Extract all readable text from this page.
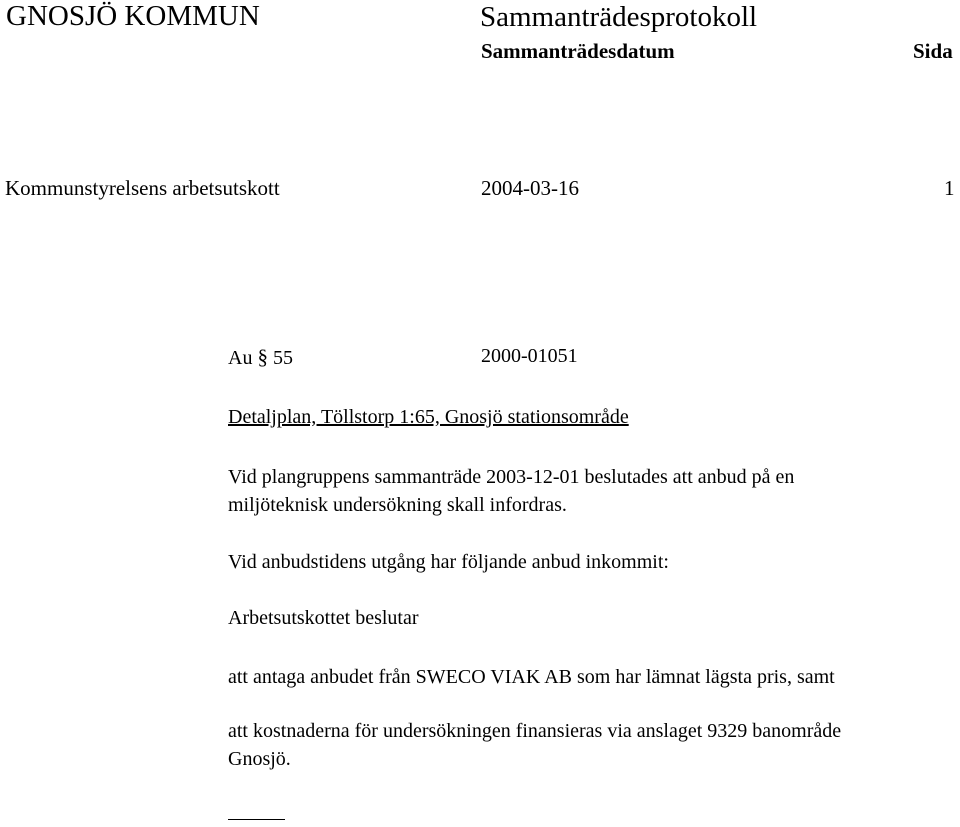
GNOSJÖ KOMMUN	Sammanträdesprotokoll
Sammanträdesdatum	Sida
Kommunstyrelsens arbetsutskott	2004-03-16	1
Au § 55	2000-01051
Detaljplan, Töllstorp 1:65, Gnosjö stationsområde
Vid plangruppens sammanträde 2003-12-01 beslutades att anbud på en
miljöteknisk undersökning skall infordras.
Vid anbudstidens utgång har följande anbud inkommit:
Arbetsutskottet beslutar
att antaga anbudet från SWECO VIAK AB som har lämnat lägsta pris, samt
att kostnaderna för undersökningen finansieras via anslaget 9329 banområde
Gnosjö.
